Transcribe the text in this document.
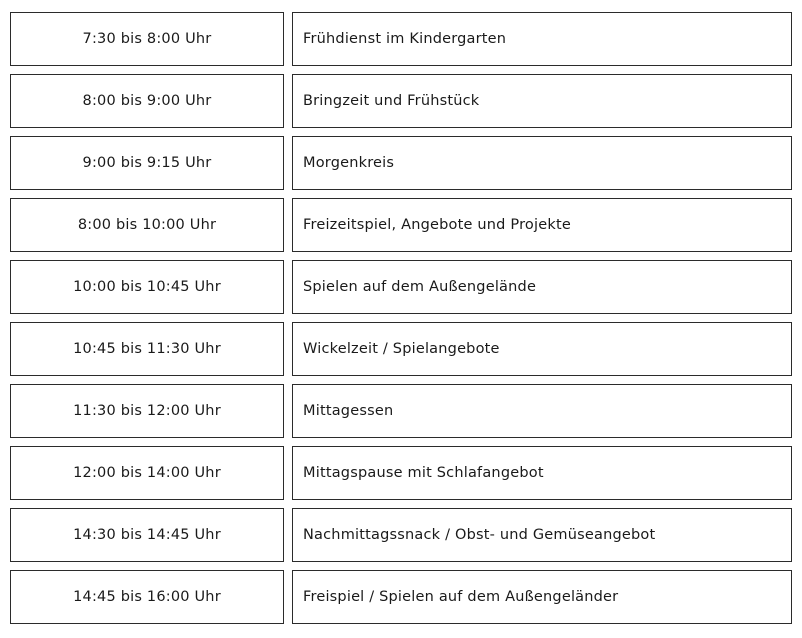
7:30 bis 8:00 Uhr	Frühdienst im Kindergarten
8:00 bis 9:00 Uhr	Bringzeit und Frühstück
9:00 bis 9:15 Uhr	Morgenkreis
8:00 bis 10:00 Uhr	Freizeitspiel, Angebote und Projekte
10:00 bis 10:45 Uhr	Spielen auf dem Außengelände
10:45 bis 11:30 Uhr	Wickelzeit / Spielangebote
11:30 bis 12:00 Uhr	Mittagessen
12:00 bis 14:00 Uhr	Mittagspause mit Schlafangebot
14:30 bis 14:45 Uhr	Nachmittagssnack / Obst- und Gemüseangebot
14:45 bis 16:00 Uhr	Freispiel / Spielen auf dem Außengeländer
